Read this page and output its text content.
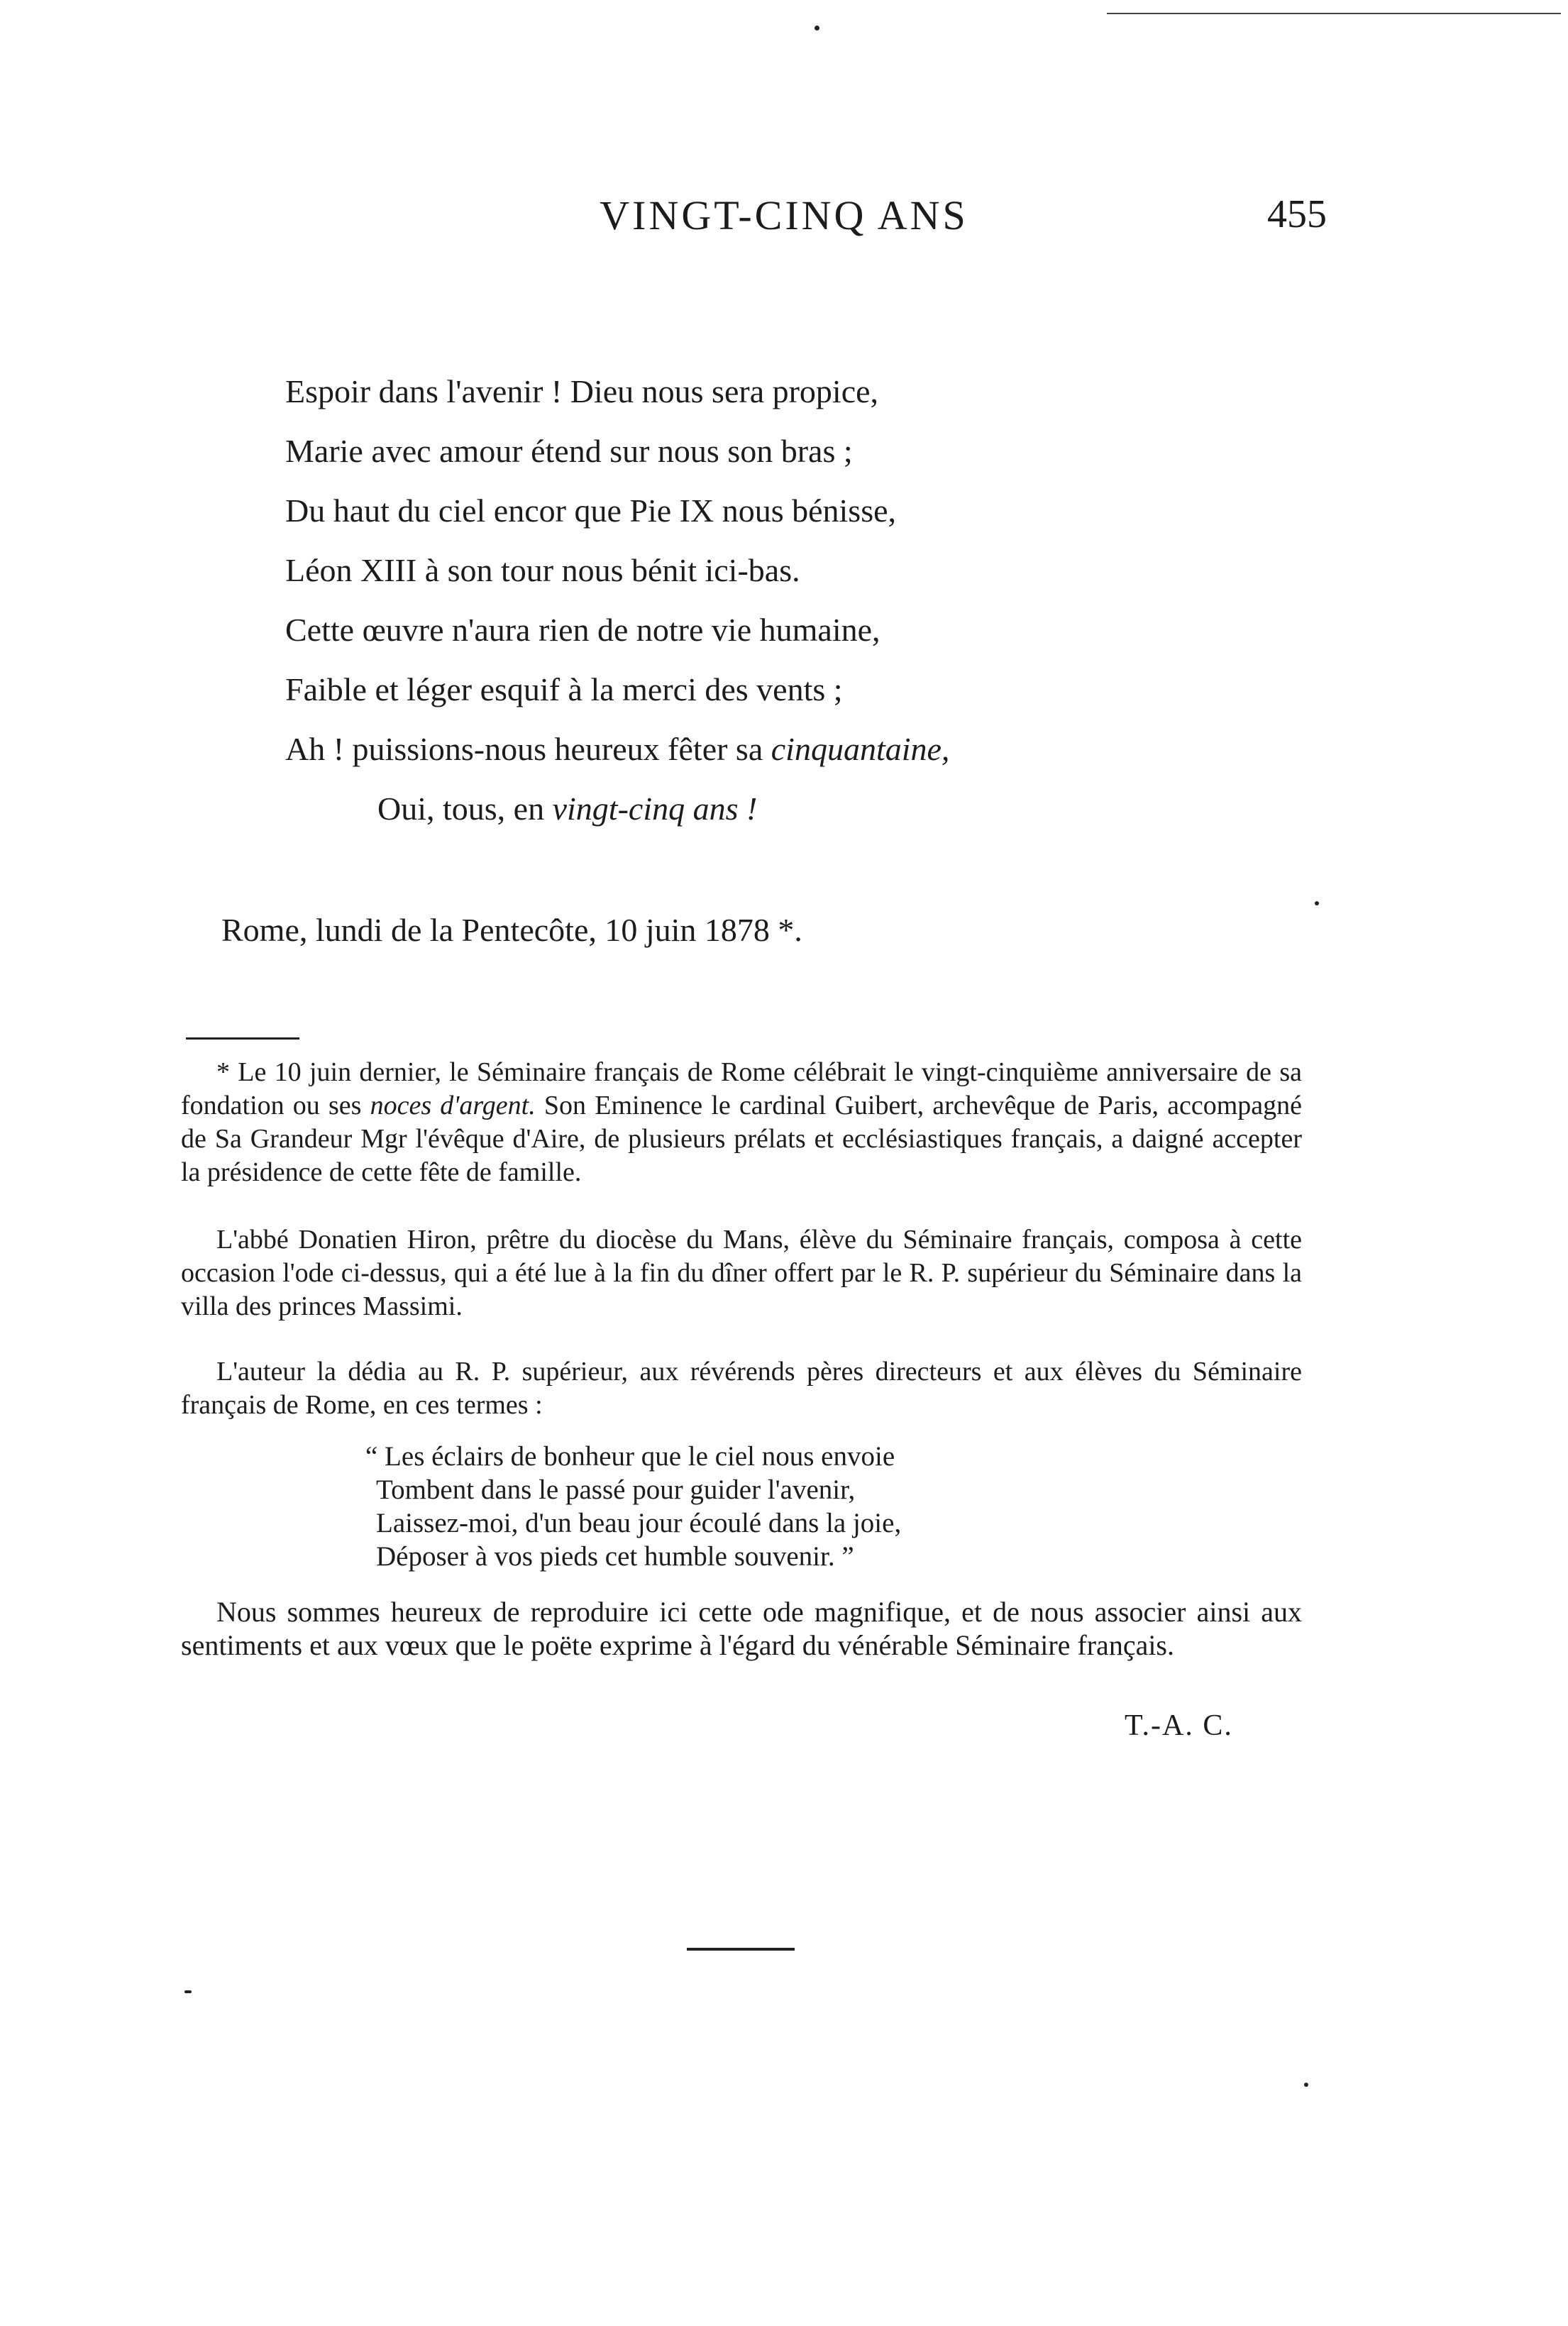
VINGT-CINQ ANS	455
Espoir dans l'avenir ! Dieu nous sera propice,
Marie avec amour étend sur nous son bras ;
Du haut du ciel encor que Pie IX nous bénisse,
Léon XIII à son tour nous bénit ici-bas.
Cette œuvre n'aura rien de notre vie humaine,
Faible et léger esquif à la merci des vents ;
Ah ! puissions-nous heureux fêter sa cinquantaine,
Oui, tous, en vingt-cinq ans !
Rome, lundi de la Pentecôte, 10 juin 1878 *.
* Le 10 juin dernier, le Séminaire français de Rome célébrait le vingt-cinquième anniversaire de sa fondation ou ses noces d'argent. Son Eminence le cardinal Guibert, archevêque de Paris, accompagné de Sa Grandeur Mgr l'évêque d'Aire, de plusieurs prélats et ecclésiastiques français, a daigné accepter la présidence de cette fête de famille.
L'abbé Donatien Hiron, prêtre du diocèse du Mans, élève du Séminaire français, composa à cette occasion l'ode ci-dessus, qui a été lue à la fin du dîner offert par le R. P. supérieur du Séminaire dans la villa des princes Massimi.
L'auteur la dédia au R. P. supérieur, aux révérends pères directeurs et aux élèves du Séminaire français de Rome, en ces termes :
“ Les éclairs de bonheur que le ciel nous envoie
Tombent dans le passé pour guider l'avenir,
Laissez-moi, d'un beau jour écoulé dans la joie,
Déposer à vos pieds cet humble souvenir. ”
Nous sommes heureux de reproduire ici cette ode magnifique, et de nous associer ainsi aux sentiments et aux vœux que le poëte exprime à l'égard du vénérable Séminaire français.
T.-A. C.
